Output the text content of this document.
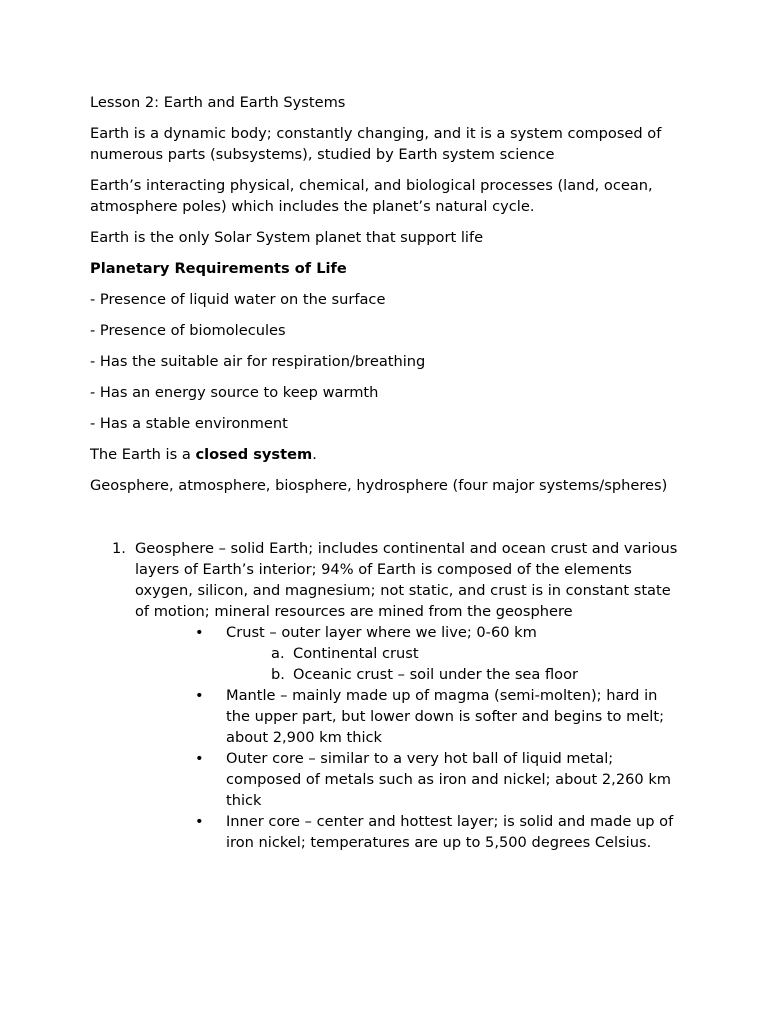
Lesson 2: Earth and Earth Systems

Earth is a dynamic body; constantly changing, and it is a system composed of numerous parts (subsystems), studied by Earth system science

Earth’s interacting physical, chemical, and biological processes (land, ocean, atmosphere poles) which includes the planet’s natural cycle.

Earth is the only Solar System planet that support life

Planetary Requirements of Life

- Presence of liquid water on the surface

- Presence of biomolecules

- Has the suitable air for respiration/breathing

- Has an energy source to keep warmth

- Has a stable environment

The Earth is a closed system.

Geosphere, atmosphere, biosphere, hydrosphere (four major systems/spheres)

1. Geosphere – solid Earth; includes continental and ocean crust and various layers of Earth’s interior; 94% of Earth is composed of the elements oxygen, silicon, and magnesium; not static, and crust is in constant state of motion; mineral resources are mined from the geosphere
• Crust – outer layer where we live; 0-60 km
a. Continental crust
b. Oceanic crust – soil under the sea floor
• Mantle – mainly made up of magma (semi-molten); hard in the upper part, but lower down is softer and begins to melt; about 2,900 km thick
• Outer core – similar to a very hot ball of liquid metal; composed of metals such as iron and nickel; about 2,260 km thick
• Inner core – center and hottest layer; is solid and made up of iron nickel; temperatures are up to 5,500 degrees Celsius.
